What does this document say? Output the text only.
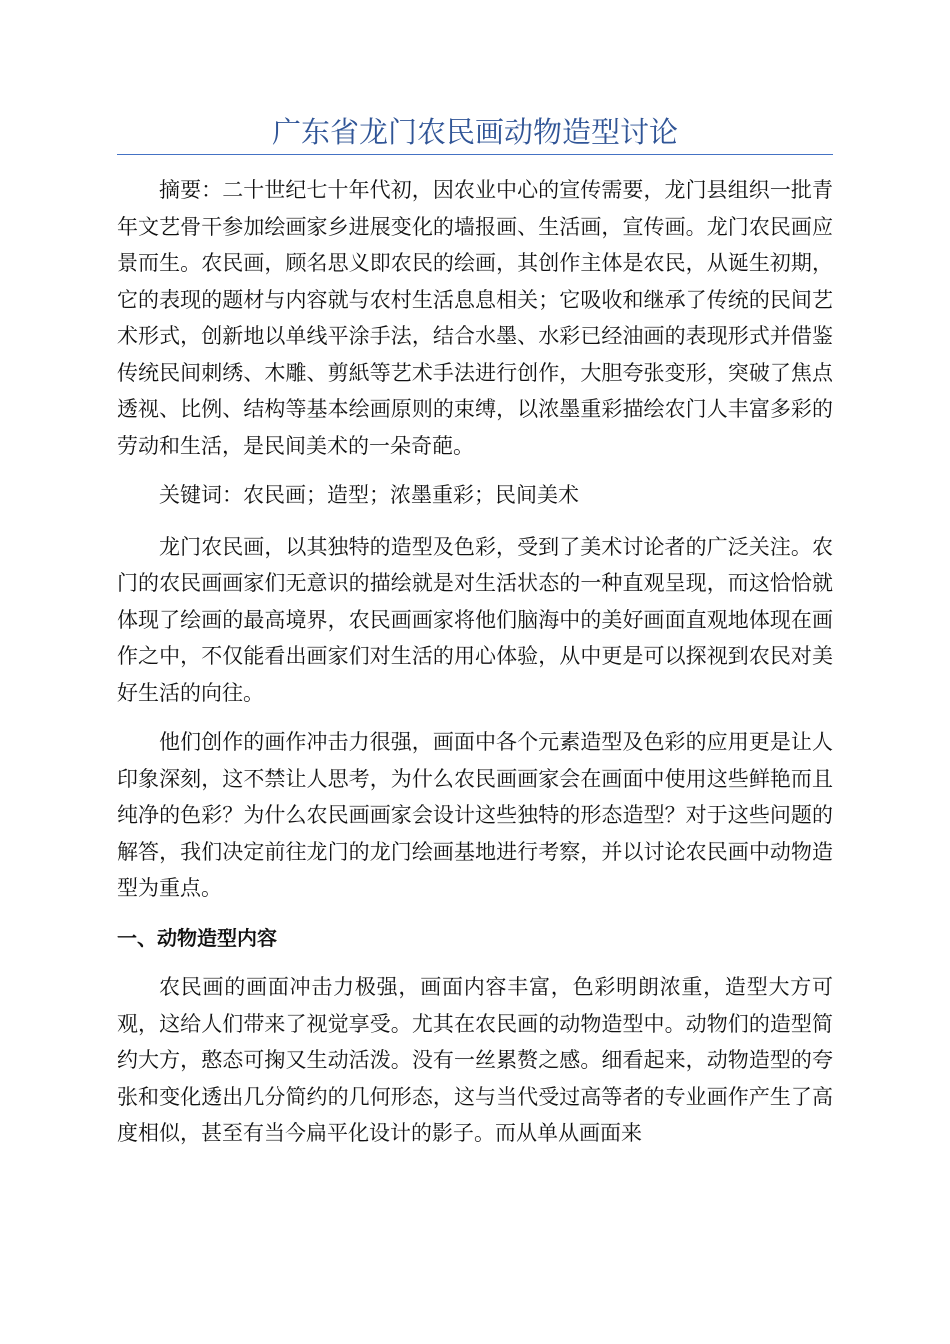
广东省龙门农民画动物造型讨论

摘要：二十世纪七十年代初，因农业中心的宣传需要，龙门县组织一批青年文艺骨干参加绘画家乡进展变化的墙报画、生活画，宣传画。龙门农民画应景而生。农民画，顾名思义即农民的绘画，其创作主体是农民，从诞生初期，它的表现的题材与内容就与农村生活息息相关；它吸收和继承了传统的民间艺术形式，创新地以单线平涂手法，结合水墨、水彩已经油画的表现形式并借鉴传统民间刺绣、木雕、剪紙等艺术手法进行创作，大胆夸张变形，突破了焦点透视、比例、结构等基本绘画原则的束缚，以浓墨重彩描绘农门人丰富多彩的劳动和生活，是民间美术的一朵奇葩。

关键词：农民画；造型；浓墨重彩；民间美术

龙门农民画，以其独特的造型及色彩，受到了美术讨论者的广泛关注。农门的农民画画家们无意识的描绘就是对生活状态的一种直观呈现，而这恰恰就体现了绘画的最高境界，农民画画家将他们脑海中的美好画面直观地体现在画作之中，不仅能看出画家们对生活的用心体验，从中更是可以探视到农民对美好生活的向往。

他们创作的画作冲击力很强，画面中各个元素造型及色彩的应用更是让人印象深刻，这不禁让人思考，为什么农民画画家会在画面中使用这些鲜艳而且纯净的色彩？为什么农民画画家会设计这些独特的形态造型？对于这些问题的解答，我们决定前往龙门的龙门绘画基地进行考察，并以讨论农民画中动物造型为重点。

一、动物造型内容

农民画的画面冲击力极强，画面内容丰富，色彩明朗浓重，造型大方可观，这给人们带来了视觉享受。尤其在农民画的动物造型中。动物们的造型简约大方，憨态可掬又生动活泼。没有一丝累赘之感。细看起来，动物造型的夸张和变化透出几分简约的几何形态，这与当代受过高等者的专业画作产生了高度相似，甚至有当今扁平化设计的影子。而从单从画面来
